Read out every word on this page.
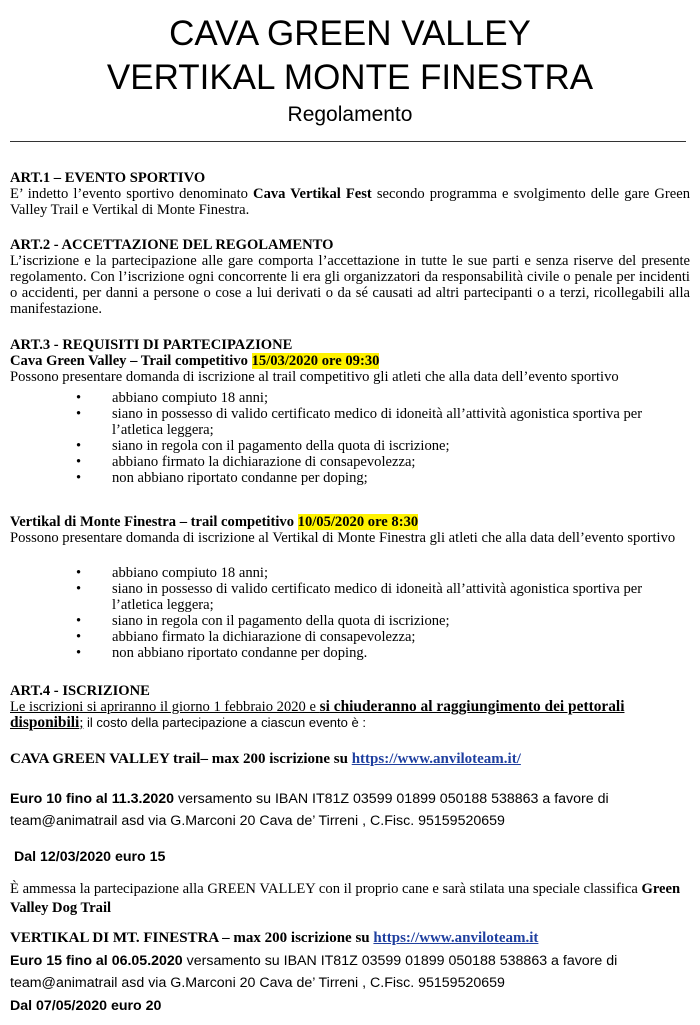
CAVA GREEN VALLEY
VERTIKAL MONTE FINESTRA
Regolamento
ART.1 – EVENTO SPORTIVO
E’ indetto l’evento sportivo denominato Cava Vertikal Fest secondo programma e svolgimento delle gare Green Valley Trail e Vertikal di Monte Finestra.
ART.2 - ACCETTAZIONE DEL REGOLAMENTO
L’iscrizione e la partecipazione alle gare comporta l’accettazione in tutte le sue parti e senza riserve del presente regolamento. Con l’iscrizione ogni concorrente li era gli organizzatori da responsabilità civile o penale per incidenti o accidenti, per danni a persone o cose a lui derivati o da sé causati ad altri partecipanti o a terzi, ricollegabili alla manifestazione.
ART.3 - REQUISITI DI PARTECIPAZIONE
Cava Green Valley – Trail competitivo 15/03/2020 ore 09:30
Possono presentare domanda di iscrizione al trail competitivo gli atleti che alla data dell’evento sportivo
• abbiano compiuto 18 anni;
• siano in possesso di valido certificato medico di idoneità all’attività agonistica sportiva per l’atletica leggera;
• siano in regola con il pagamento della quota di iscrizione;
• abbiano firmato la dichiarazione di consapevolezza;
• non abbiano riportato condanne per doping;
Vertikal di Monte Finestra – trail competitivo 10/05/2020 ore 8:30
Possono presentare domanda di iscrizione al Vertikal di Monte Finestra gli atleti che alla data dell’evento sportivo
• abbiano compiuto 18 anni;
• siano in possesso di valido certificato medico di idoneità all’attività agonistica sportiva per l’atletica leggera;
• siano in regola con il pagamento della quota di iscrizione;
• abbiano firmato la dichiarazione di consapevolezza;
• non abbiano riportato condanne per doping.
ART.4 - ISCRIZIONE
Le iscrizioni si apriranno il giorno 1 febbraio 2020 e si chiuderanno al raggiungimento dei pettorali disponibili; il costo della partecipazione a ciascun evento è :
CAVA GREEN VALLEY trail– max 200 iscrizione su https://www.anviloteam.it/
Euro 10 fino al 11.3.2020 versamento su IBAN IT81Z 03599 01899 050188 538863 a favore di team@animatrail asd via G.Marconi 20 Cava de’ Tirreni , C.Fisc. 95159520659
Dal 12/03/2020 euro 15
È ammessa la partecipazione alla GREEN VALLEY con il proprio cane e sarà stilata una speciale classifica Green Valley Dog Trail
VERTIKAL DI MT. FINESTRA – max 200 iscrizione su https://www.anviloteam.it
Euro 15 fino al 06.05.2020 versamento su IBAN IT81Z 03599 01899 050188 538863 a favore di team@animatrail asd via G.Marconi 20 Cava de’ Tirreni , C.Fisc. 95159520659
Dal 07/05/2020 euro 20
